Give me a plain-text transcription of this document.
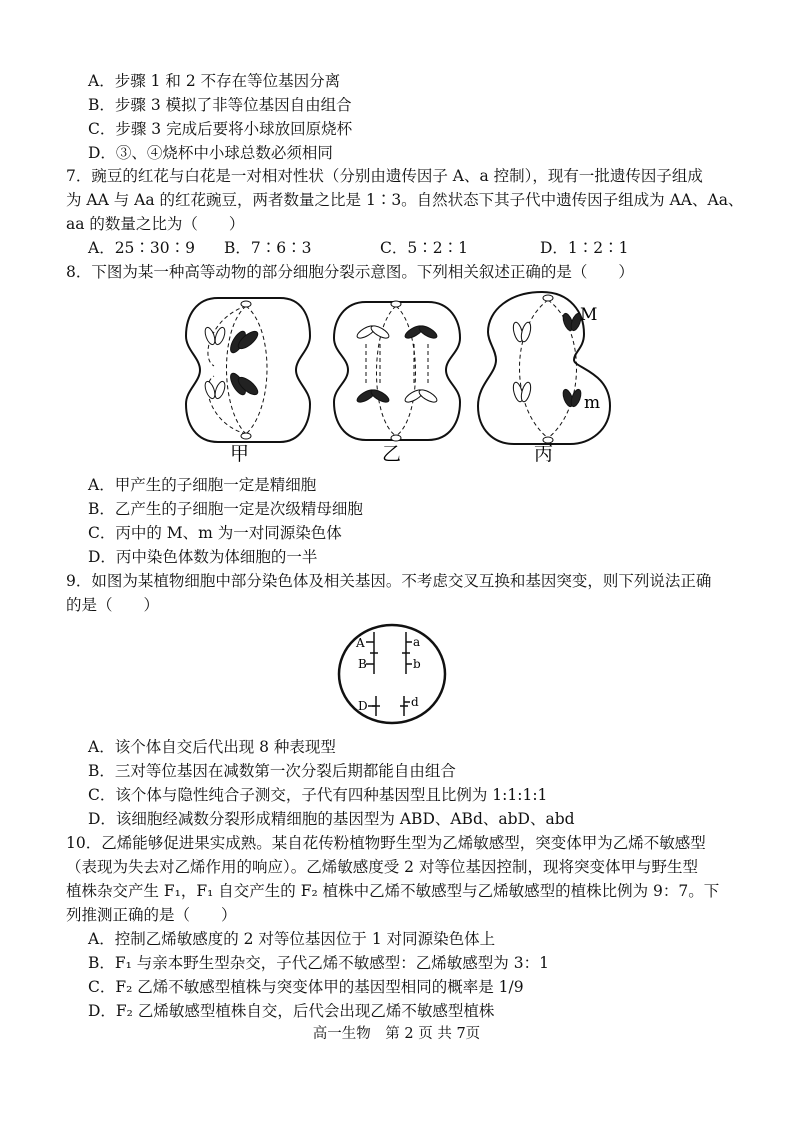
A．步骤 1 和 2 不存在等位基因分离
B．步骤 3 模拟了非等位基因自由组合
C．步骤 3 完成后要将小球放回原烧杯
D．③、④烧杯中小球总数必须相同
7．豌豆的红花与白花是一对相对性状（分别由遗传因子 A、a 控制），现有一批遗传因子组成
为 AA 与 Aa 的红花豌豆，两者数量之比是 1∶3。自然状态下其子代中遗传因子组成为 AA、Aa、
aa 的数量之比为（　　）
A．25∶30∶9 B．7∶6∶3	C．5∶2∶1	D．1∶2∶1
8．下图为某一种高等动物的部分细胞分裂示意图。下列相关叙述正确的是（　　）
M
m
甲	乙	丙
A．甲产生的子细胞一定是精细胞
B．乙产生的子细胞一定是次级精母细胞
C．丙中的 M、m 为一对同源染色体
D．丙中染色体数为体细胞的一半
9．如图为某植物细胞中部分染色体及相关基因。不考虑交叉互换和基因突变，则下列说法正确
的是（　　）
A
B
a
b
D	d
A．该个体自交后代出现 8 种表现型
B．三对等位基因在减数第一次分裂后期都能自由组合
C．该个体与隐性纯合子测交，子代有四种基因型且比例为 1:1:1:1
D．该细胞经减数分裂形成精细胞的基因型为 ABD、ABd、abD、abd
10．乙烯能够促进果实成熟。某自花传粉植物野生型为乙烯敏感型，突变体甲为乙烯不敏感型
（表现为失去对乙烯作用的响应）。乙烯敏感度受 2 对等位基因控制，现将突变体甲与野生型
植株杂交产生 F₁，F₁ 自交产生的 F₂ 植株中乙烯不敏感型与乙烯敏感型的植株比例为 9：7。下
列推测正确的是（　　）
A．控制乙烯敏感度的 2 对等位基因位于 1 对同源染色体上
B．F₁ 与亲本野生型杂交，子代乙烯不敏感型：乙烯敏感型为 3：1
C．F₂ 乙烯不敏感型植株与突变体甲的基因型相同的概率是 1/9
D．F₂ 乙烯敏感型植株自交，后代会出现乙烯不敏感型植株
高一生物　第 2 页 共 7页
